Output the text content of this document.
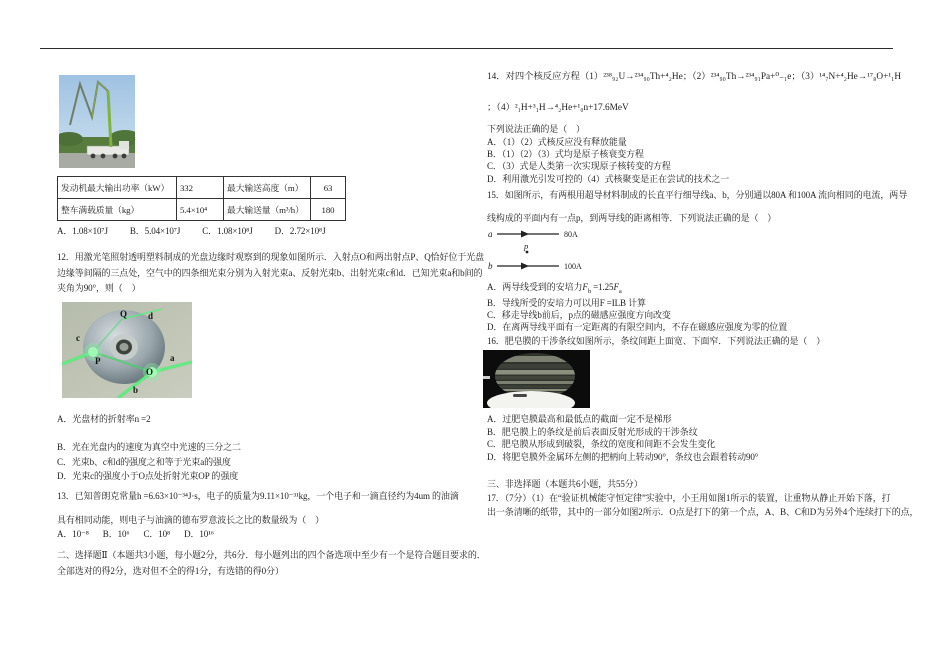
发动机最大输出功率（kW）	332	最大输送高度（m）	63
整车满载质量（kg）	5.4×10⁴	最大输送量（m³/h）	180
A．1.08×10⁷J B．5.04×10⁷J C．1.08×10⁸J D．2.72×10⁸J
12．用激光笔照射透明塑料制成的光盘边缘时观察到的现象如图所示．入射点O和两出射点P、Q恰好位于光盘
边缘等间隔的三点处，空气中的四条细光束分别为入射光束a、反射光束b、出射光束c和d．已知光束a和b间的
夹角为90°，则（　）
Q d
c
P	a
O
b
A．光盘材的折射率n =2
B．光在光盘内的速度为真空中光速的三分之二
C．光束b、c和d的强度之和等于光束a的强度
D．光束c的强度小于O点处折射光束OP 的强度
13．已知普朗克常量h =6.63×10⁻³⁴J·s，电子的质量为9.11×10⁻³¹kg，一个电子和一滴直径约为4um 的油滴
具有相同动能，则电子与油滴的德布罗意波长之比的数量级为（　）
A．10⁻⁸ B．10⁶ C．10⁸ D．10¹⁶
二、选择题Ⅱ（本题共3小题，每小题2分，共6分．每小题列出的四个备选项中至少有一个是符合题目要求的．
全部选对的得2分，选对但不全的得1分，有选错的得0分）
14．对四个核反应方程（1）²³⁸₉₂U→²³⁴₉₀Th+⁴₂He；（2）²³⁴₉₀Th→²³⁴₉₁Pa+⁰₋₁e；（3）¹⁴₇N+⁴₂He→¹⁷₈O+¹₁H
；（4）²₁H+³₁H→⁴₂He+¹₀n+17.6MeV
下列说法正确的是（　）
A．（1）（2）式核反应没有释放能量
B．（1）（2）（3）式均是原子核衰变方程
C．（3）式是人类第一次实现原子核转变的方程
D．利用激光引发可控的（4）式核聚变是正在尝试的技术之一
15．如图所示，有两根用超导材料制成的长直平行细导线a、b，分别通以80A 和100A 流向相同的电流，两导
线构成的平面内有一点p，到两导线的距离相等．下列说法正确的是（　）
a	80A
p
b	100A
A．两导线受到的安培力$F_b =1.25F_a$
B．导线所受的安培力可以用F =ILB 计算
C．移走导线b前后，p点的磁感应强度方向改变
D．在离两导线平面有一定距离的有限空间内，不存在磁感应强度为零的位置
16．肥皂膜的干涉条纹如图所示，条纹间距上面宽、下面窄．下列说法正确的是（　）
A．过肥皂膜最高和最低点的截面一定不是梯形
B．肥皂膜上的条纹是前后表面反射光形成的干涉条纹
C．肥皂膜从形成到破裂，条纹的宽度和间距不会发生变化
D．将肥皂膜外金属环左侧的把柄向上转动90°，条纹也会跟着转动90°
三、非选择题（本题共6小题，共55分）
17．（7分）（1）在“验证机械能守恒定律”实验中，小王用如图1所示的装置，让重物从静止开始下落，打
出一条清晰的纸带，其中的一部分如图2所示．O点是打下的第一个点，A、B、C和D为另外4个连续打下的点，
